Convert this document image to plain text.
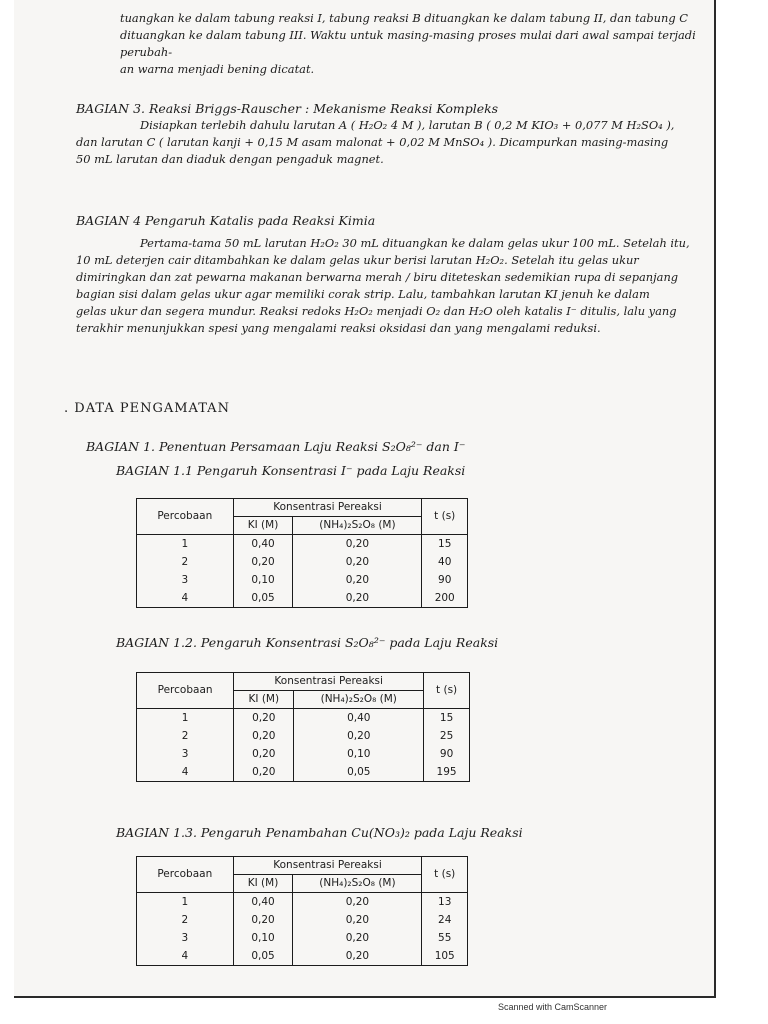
tuangkan ke dalam tabung reaksi I, tabung reaksi B dituangkan ke dalam tabung II, dan tabung C

dituangkan ke dalam tabung III. Waktu untuk masing-masing proses mulai dari awal sampai terjadi perubah-

an warna menjadi bening dicatat.

BAGIAN 3. Reaksi Briggs-Rauscher : Mekanisme Reaksi Kompleks

Disiapkan terlebih dahulu larutan A ( H₂O₂ 4 M ), larutan B ( 0,2 M KIO₃ + 0,077 M H₂SO₄ ),

dan larutan C ( larutan kanji + 0,15 M asam malonat + 0,02 M MnSO₄ ). Dicampurkan masing-masing

50 mL larutan dan diaduk dengan pengaduk magnet.

BAGIAN 4 Pengaruh Katalis pada Reaksi Kimia

Pertama-tama 50 mL larutan H₂O₂ 30 mL dituangkan ke dalam gelas ukur 100 mL. Setelah itu,

10 mL deterjen cair ditambahkan ke dalam gelas ukur berisi larutan H₂O₂. Setelah itu gelas ukur

dimiringkan dan zat pewarna makanan berwarna merah / biru diteteskan sedemikian rupa di sepanjang

bagian sisi dalam gelas ukur agar memiliki corak strip. Lalu, tambahkan larutan KI jenuh ke dalam

gelas ukur dan segera mundur. Reaksi redoks H₂O₂ menjadi O₂ dan H₂O oleh katalis I⁻ ditulis, lalu yang

terakhir menunjukkan spesi yang mengalami reaksi oksidasi dan yang mengalami reduksi.

. DATA PENGAMATAN
BAGIAN 1. Penentuan Persamaan Laju Reaksi S₂O₈²⁻ dan I⁻
BAGIAN 1.1 Pengaruh Konsentrasi I⁻ pada Laju Reaksi
Percobaan	Konsentrasi Pereaksi		t (s)
	KI (M)	(NH₄)₂S₂O₈ (M)	
1	0,40	0,20	15
2	0,20	0,20	40
3	0,10	0,20	90
4	0,05	0,20	200
BAGIAN 1.2. Pengaruh Konsentrasi S₂O₈²⁻ pada Laju Reaksi
Percobaan	Konsentrasi Pereaksi		t (s)
	KI (M)	(NH₄)₂S₂O₈ (M)	
1	0,20	0,40	15
2	0,20	0,20	25
3	0,20	0,10	90
4	0,20	0,05	195
BAGIAN 1.3. Pengaruh Penambahan Cu(NO₃)₂ pada Laju Reaksi
Percobaan	Konsentrasi Pereaksi		t (s)
	KI (M)	(NH₄)₂S₂O₈ (M)	
1	0,40	0,20	13
2	0,20	0,20	24
3	0,10	0,20	55
4	0,05	0,20	105
Scanned with CamScanner
